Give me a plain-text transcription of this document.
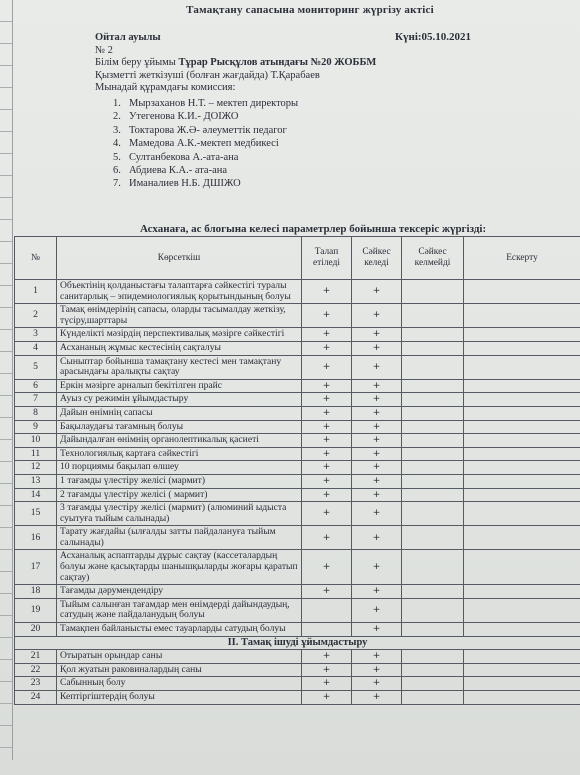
Тамақтану сапасына мониторинг жүргізу актісі
Күні:05.10.2021
Ойтал ауылы
№ 2
Білім беру ұйымы Тұрар Рысқұлов атындағы №20 ЖОББМ
Қызметті жеткізуші (болған жағдайда) Т.Қарабаев
Мынадай құрамдағы комиссия:
1. Мырзаханов Н.Т. – мектеп директоры
2. Утегенова К.И.- ДОІЖО
3. Токтарова Ж.Ә- әлеуметтік педагог
4. Мамедова А.К.-мектеп медбикесі
5. Султанбекова А.-ата-ана
6. Абдиева К.А.- ата-ана
7. Иманалиев Н.Б. ДШІЖО
Асханаға, ас блогына келесі параметрлер бойынша тексеріс жүргізді:
№	Көрсеткіш	Талап етіледі	Сәйкес келеді	Сәйкес келмейді	Ескерту
1	Объектінің қолданыстағы талаптарға сәйкестігі туралы санитарлық – эпидемиологиялық қорытындының болуы	+	+		
2	Тамақ өнімдерінің сапасы, оларды тасымалдау жеткізу, түсіру,шарттары	+	+		
3	Күнделікті мәзірдің перспективалық мәзірге сәйкестігі	+	+		
4	Асхананың жұмыс кестесінің сақталуы	+	+		
5	Сыныптар бойынша тамақтану кестесі мен тамақтану арасындағы аралықты сақтау	+	+		
6	Еркін мәзірге арналып бекітілген прайс	+	+		
7	Ауыз су режимін ұйымдастыру	+	+		
8	Дайын өнімнің сапасы	+	+		
9	Бақылаудағы тағамның болуы	+	+		
10	Дайындалған өнімнің органолептикалық қасиеті	+	+		
11	Технологиялық картаға сәйкестігі	+	+		
12	10 порциямы бақылап өлшеу	+	+		
13	1 тағамды үлестіру желісі (мармит)	+	+		
14	2 тағамды үлестіру желісі ( мармит)	+	+		
15	3 тағамды үлестіру желісі (мармит) (алюминий ыдыста суытуға тыйым салынады)	+	+		
16	Тарату жағдайы (ылғалды затты пайдалануға тыйым салынады)	+	+		
17	Асханалық аспаптарды дұрыс сақтау (кассеталардың болуы және қасықтарды шанышқыларды жоғары қаратып сақтау)	+	+		
18	Тағамды дәрумендендіру	+	+		
19	Тыйым салынған тағамдар мен өнімдерді дайындаудың, сатудың және пайдаланудың болуы		+		
20	Тамақпен байланысты емес тауарларды сатудың болуы		+		
II. Тамақ ішуді ұйымдастыру					
21	Отыратын орындар саны	+	+		
22	Қол жуатын раковиналардың саны	+	+		
23	Сабынның болу	+	+		
24	Кептіргіштердің болуы	+	+		
